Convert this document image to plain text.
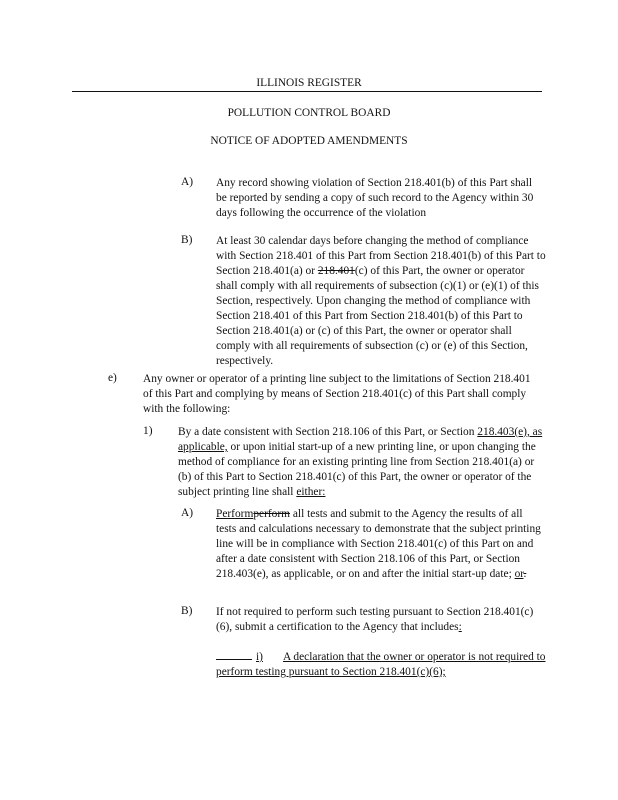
ILLINOIS REGISTER
POLLUTION CONTROL BOARD
NOTICE OF ADOPTED AMENDMENTS
A) Any record showing violation of Section 218.401(b) of this Part shall be reported by sending a copy of such record to the Agency within 30 days following the occurrence of the violation
B) At least 30 calendar days before changing the method of compliance with Section 218.401 of this Part from Section 218.401(b) of this Part to Section 218.401(a) or 218.401(c) of this Part, the owner or operator shall comply with all requirements of subsection (c)(1) or (e)(1) of this Section, respectively. Upon changing the method of compliance with Section 218.401 of this Part from Section 218.401(b) of this Part to Section 218.401(a) or (c) of this Part, the owner or operator shall comply with all requirements of subsection (c) or (e) of this Section, respectively.
e) Any owner or operator of a printing line subject to the limitations of Section 218.401 of this Part and complying by means of Section 218.401(c) of this Part shall comply with the following:
1) By a date consistent with Section 218.106 of this Part, or Section 218.403(e), as applicable, or upon initial start-up of a new printing line, or upon changing the method of compliance for an existing printing line from Section 218.401(a) or (b) of this Part to Section 218.401(c) of this Part, the owner or operator of the subject printing line shall either:
A) Performperform all tests and submit to the Agency the results of all tests and calculations necessary to demonstrate that the subject printing line will be in compliance with Section 218.401(c) of this Part on and after a date consistent with Section 218.106 of this Part, or Section 218.403(e), as applicable, or on and after the initial start-up date; or.
B) If not required to perform such testing pursuant to Section 218.401(c)(6), submit a certification to the Agency that includes:
i) A declaration that the owner or operator is not required to perform testing pursuant to Section 218.401(c)(6);
